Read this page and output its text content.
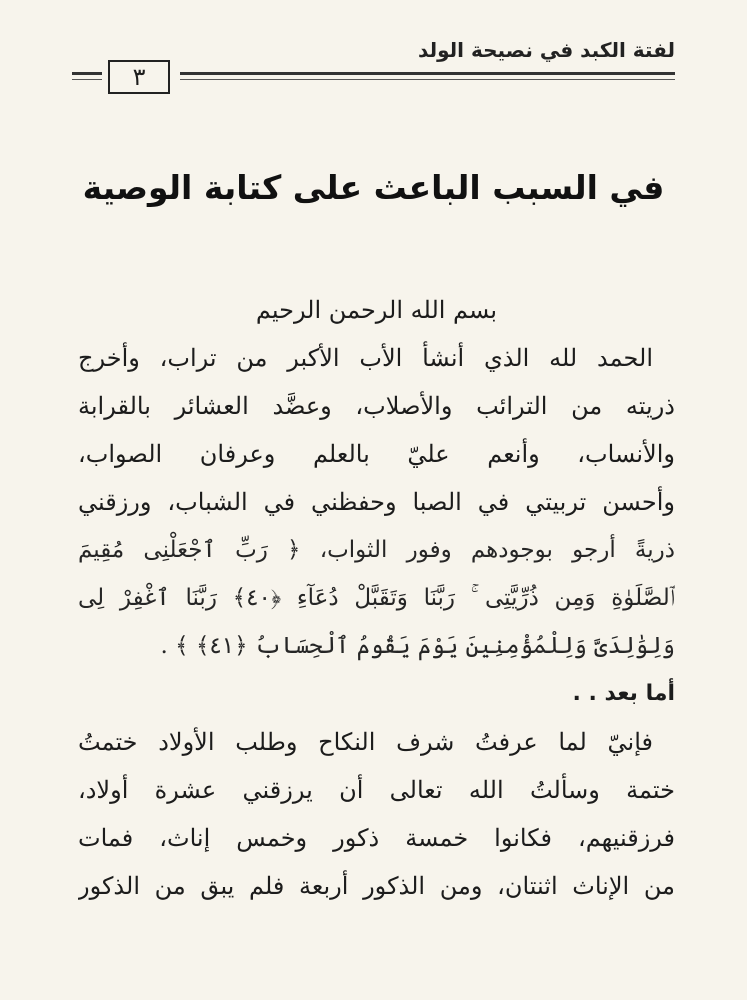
لفتة الكبد في نصيحة الولد
٣
في السبب الباعث على كتابة الوصية
بسم الله الرحمن الرحيم
الحمد لله الذي أنشأ الأب الأكبر من تراب، وأخرج
ذريته من الترائب والأصلاب، وعضَّد العشائر بالقرابة
والأنساب، وأنعم عليّ بالعلم وعرفان الصواب،
وأحسن تربيتي في الصبا وحفظني في الشباب، ورزقني
ذريةً أرجو بوجودهم وفور الثواب، ﴿ رَبِّ ٱجْعَلْنِى مُقِيمَ
ٱلصَّلَوٰةِ وَمِن ذُرِّيَّتِى ۚ رَبَّنَا وَتَقَبَّلْ دُعَآءِ ﴿٤٠﴾ رَبَّنَا ٱغْفِرْ لِى
وَلِوَٰلِدَىَّ وَلِلْمُؤْمِنِينَ يَوْمَ يَقُومُ ٱلْحِسَابُ ﴿٤١﴾ ﴾ .
أما بعد . .
فإنيّ لما عرفتُ شرف النكاح وطلب الأولاد ختمتُ
ختمة وسألتُ الله تعالى أن يرزقني عشرة أولاد،
فرزقنيهم، فكانوا خمسة ذكور وخمس إناث، فمات
من الإناث اثنتان، ومن الذكور أربعة فلم يبق من الذكور
